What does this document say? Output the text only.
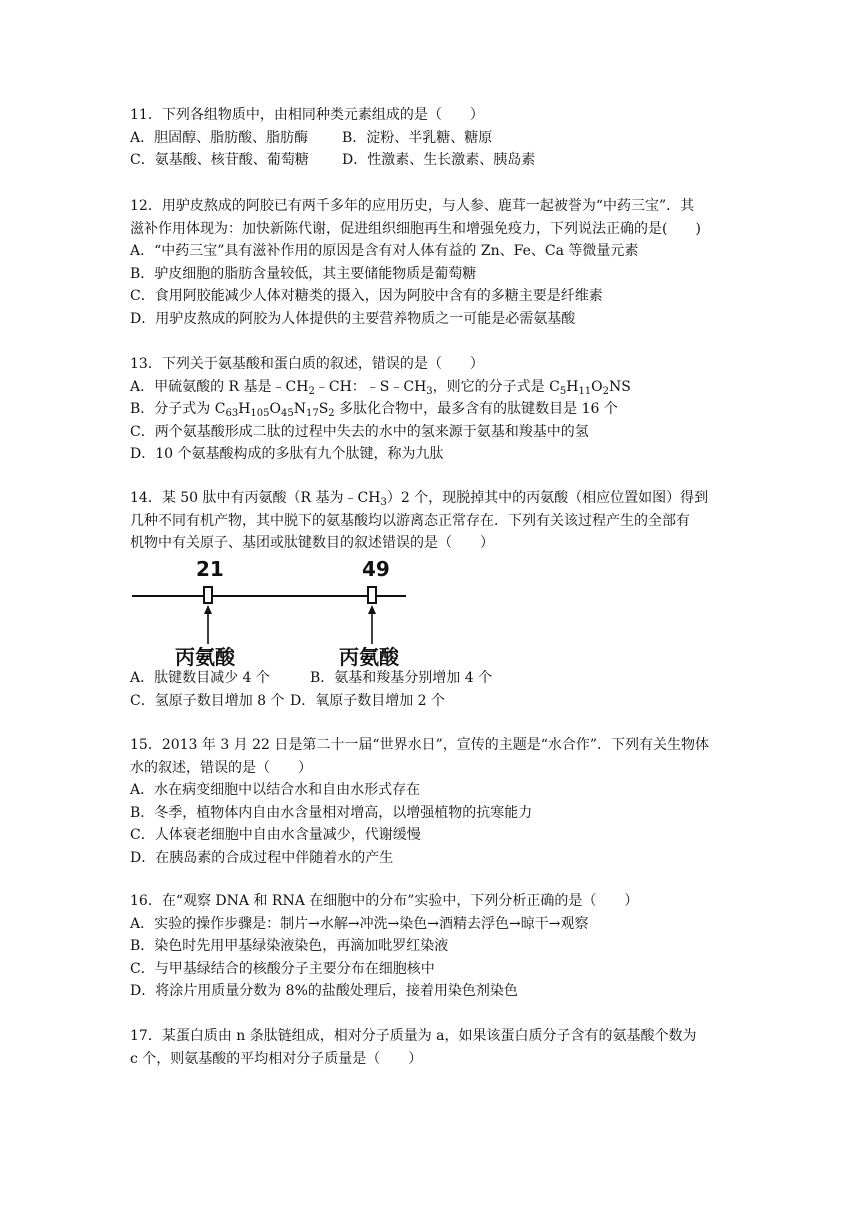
11．下列各组物质中，由相同种类元素组成的是（　　）
A．胆固醇、脂肪酸、脂肪酶	B．淀粉、半乳糖、糖原
C．氨基酸、核苷酸、葡萄糖	D．性激素、生长激素、胰岛素
12．用驴皮熬成的阿胶已有两千多年的应用历史，与人参、鹿茸一起被誉为“中药三宝”．其
滋补作用体现为：加快新陈代谢，促进组织细胞再生和增强免疫力，下列说法正确的是(　　)
A．“中药三宝”具有滋补作用的原因是含有对人体有益的 Zn、Fe、Ca 等微量元素
B．驴皮细胞的脂肪含量较低，其主要储能物质是葡萄糖
C．食用阿胶能减少人体对糖类的摄入，因为阿胶中含有的多糖主要是纤维素
D．用驴皮熬成的阿胶为人体提供的主要营养物质之一可能是必需氨基酸
13．下列关于氨基酸和蛋白质的叙述，错误的是（　　）
A．甲硫氨酸的 R 基是$﹣CH_2﹣CH$：$﹣S﹣CH_3$，则它的分子式是 $C_5H_{11}O_2NS$
B．分子式为 $C_{63}H_{105}O_{45}N_{17}S_2$ 多肽化合物中，最多含有的肽键数目是 16 个
C．两个氨基酸形成二肽的过程中失去的水中的氢来源于氨基和羧基中的氢
D．10 个氨基酸构成的多肽有九个肽键，称为九肽
14．某 50 肽中有丙氨酸（R 基为$﹣CH_3)2$ 个，现脱掉其中的丙氨酸（相应位置如图）得到
几种不同有机产物，其中脱下的氨基酸均以游离态正常存在．下列有关该过程产生的全部有
机物中有关原子、基团或肽键数目的叙述错误的是（　　）
21	49
丙氨酸	丙氨酸
A．肽键数目减少 4 个	B．氨基和羧基分别增加 4 个
C．氢原子数目增加 8 个 D．氧原子数目增加 2 个
15．2013 年 3 月 22 日是第二十一届“世界水日”，宣传的主题是“水合作”．下列有关生物体
水的叙述，错误的是（　　）
A．水在病变细胞中以结合水和自由水形式存在
B．冬季，植物体内自由水含量相对增高，以增强植物的抗寒能力
C．人体衰老细胞中自由水含量减少，代谢缓慢
D．在胰岛素的合成过程中伴随着水的产生
16．在“观察 DNA 和 RNA 在细胞中的分布”实验中，下列分析正确的是（　　）
A．实验的操作步骤是：制片→水解→冲洗→染色→酒精去浮色→晾干→观察
B．染色时先用甲基绿染液染色，再滴加吡罗红染液
C．与甲基绿结合的核酸分子主要分布在细胞核中
D．将涂片用质量分数为 8%的盐酸处理后，接着用染色剂染色
17．某蛋白质由 n 条肽链组成，相对分子质量为 a，如果该蛋白质分子含有的氨基酸个数为
c 个，则氨基酸的平均相对分子质量是（　　）
